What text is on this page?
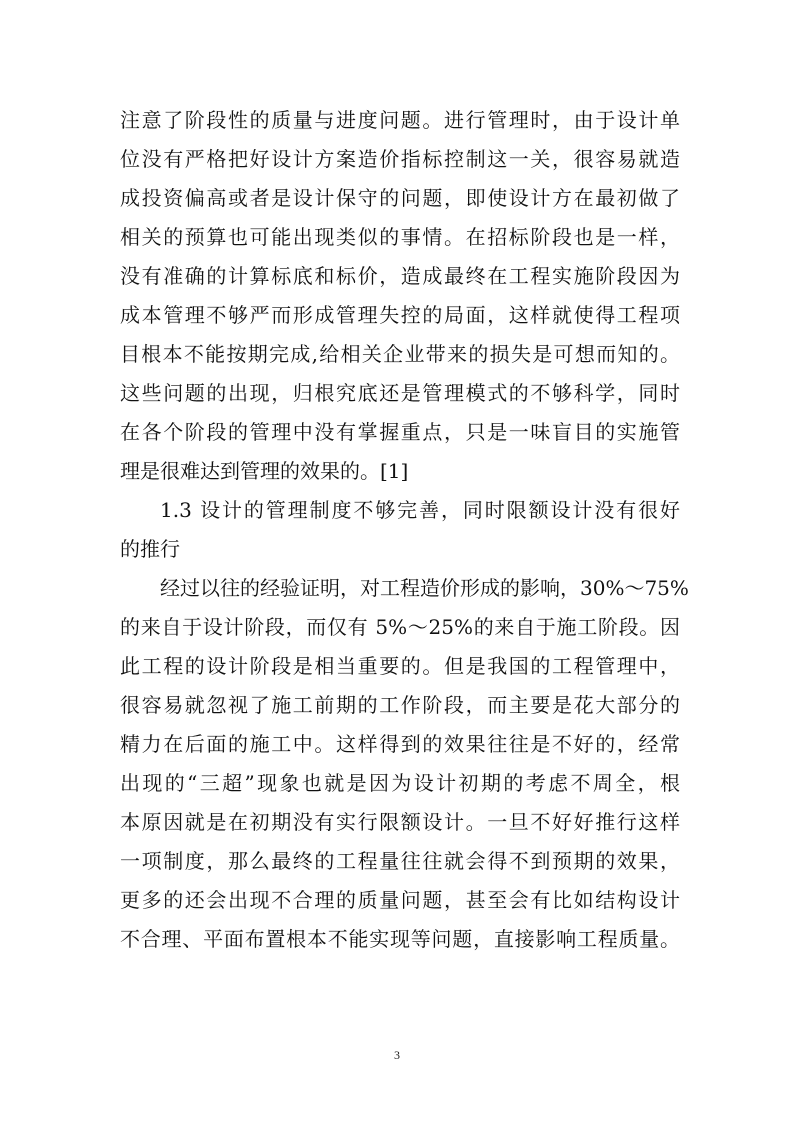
注意了阶段性的质量与进度问题。进行管理时，由于设计单
位没有严格把好设计方案造价指标控制这一关，很容易就造
成投资偏高或者是设计保守的问题，即使设计方在最初做了
相关的预算也可能出现类似的事情。在招标阶段也是一样，
没有准确的计算标底和标价，造成最终在工程实施阶段因为
成本管理不够严而形成管理失控的局面，这样就使得工程项
目根本不能按期完成,给相关企业带来的损失是可想而知的。
这些问题的出现，归根究底还是管理模式的不够科学，同时
在各个阶段的管理中没有掌握重点，只是一味盲目的实施管
理是很难达到管理的效果的。[1]
1.3 设计的管理制度不够完善，同时限额设计没有很好
的推行
经过以往的经验证明，对工程造价形成的影响，30%～75%
的来自于设计阶段，而仅有 5%～25%的来自于施工阶段。因
此工程的设计阶段是相当重要的。但是我国的工程管理中，
很容易就忽视了施工前期的工作阶段，而主要是花大部分的
精力在后面的施工中。这样得到的效果往往是不好的，经常
出现的“三超”现象也就是因为设计初期的考虑不周全，根
本原因就是在初期没有实行限额设计。一旦不好好推行这样
一项制度，那么最终的工程量往往就会得不到预期的效果，
更多的还会出现不合理的质量问题，甚至会有比如结构设计
不合理、平面布置根本不能实现等问题，直接影响工程质量。
3
